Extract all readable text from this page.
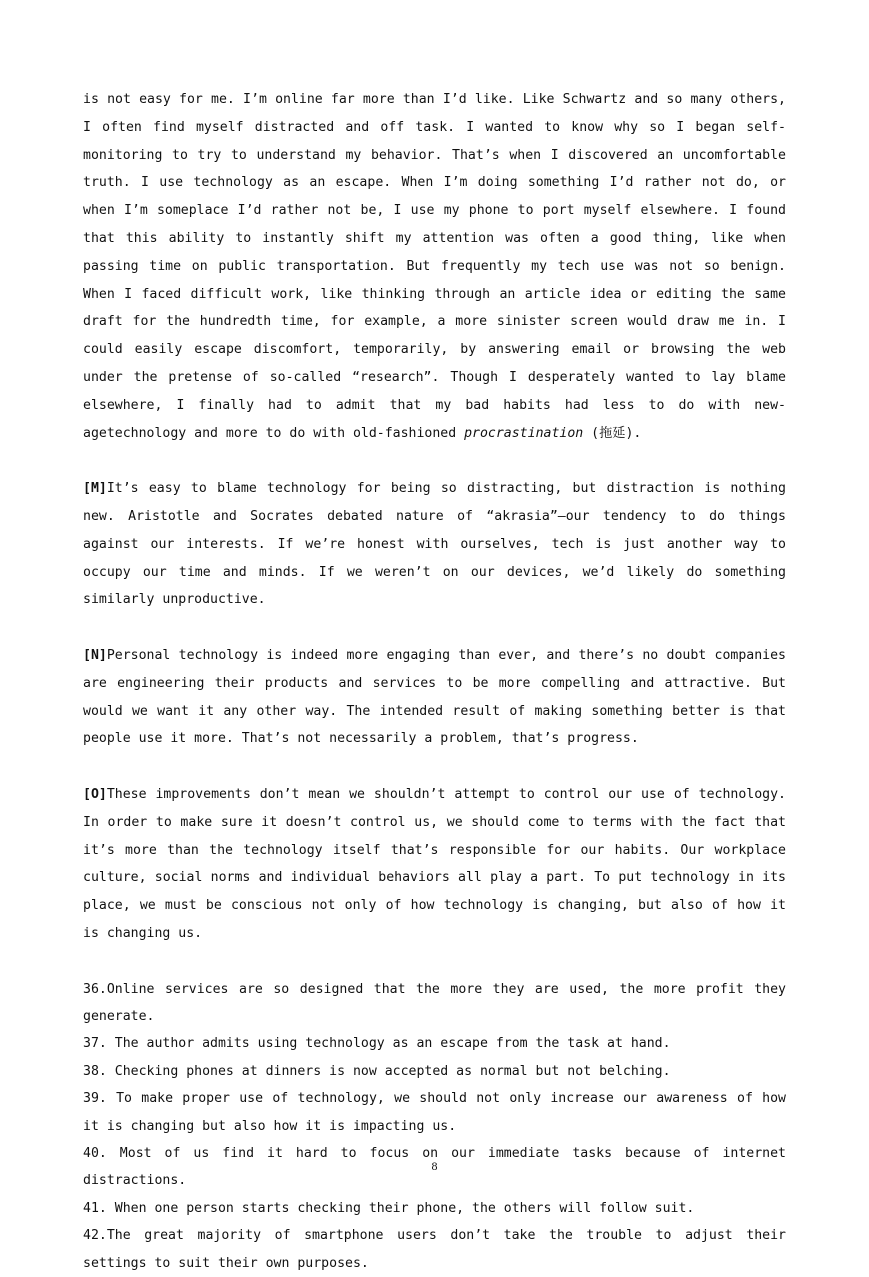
is not easy for me. I’m online far more than I’d like. Like Schwartz and so many others, I often find myself distracted and off task. I wanted to know why so I began self-monitoring to try to understand my behavior. That’s when I discovered an uncomfortable truth. I use technology as an escape. When I’m doing something I’d rather not do, or when I’m someplace I’d rather not be, I use my phone to port myself elsewhere. I found that this ability to instantly shift my attention was often a good thing, like when passing time on public transportation. But frequently my tech use was not so benign. When I faced difficult work, like thinking through an article idea or editing the same draft for the hundredth time, for example, a more sinister screen would draw me in. I could easily escape discomfort, temporarily, by answering email or browsing the web under the pretense of so-called “research”. Though I desperately wanted to lay blame elsewhere, I finally had to admit that my bad habits had less to do with new-agetechnology and more to do with old-fashioned procrastination (拖延).

[M]It’s easy to blame technology for being so distracting, but distraction is nothing new. Aristotle and Socrates debated nature of “akrasia”—our tendency to do things against our interests. If we’re honest with ourselves, tech is just another way to occupy our time and minds. If we weren’t on our devices, we’d likely do something similarly unproductive.

[N]Personal technology is indeed more engaging than ever, and there’s no doubt companies are engineering their products and services to be more compelling and attractive. But would we want it any other way. The intended result of making something better is that people use it more. That’s not necessarily a problem, that’s progress.

[O]These improvements don’t mean we shouldn’t attempt to control our use of technology. In order to make sure it doesn’t control us, we should come to terms with the fact that it’s more than the technology itself that’s responsible for our habits. Our workplace culture, social norms and individual behaviors all play a part. To put technology in its place, we must be conscious not only of how technology is changing, but also of how it is changing us.

36.Online services are so designed that the more they are used, the more profit they generate.

37. The author admits using technology as an escape from the task at hand.

38. Checking phones at dinners is now accepted as normal but not belching.

39. To make proper use of technology, we should not only increase our awareness of how it is changing but also how it is impacting us.

40. Most of us find it hard to focus on our immediate tasks because of internet distractions.

41. When one person starts checking their phone, the others will follow suit.

42.The great majority of smartphone users don’t take the trouble to adjust their settings to suit their own purposes.

8
